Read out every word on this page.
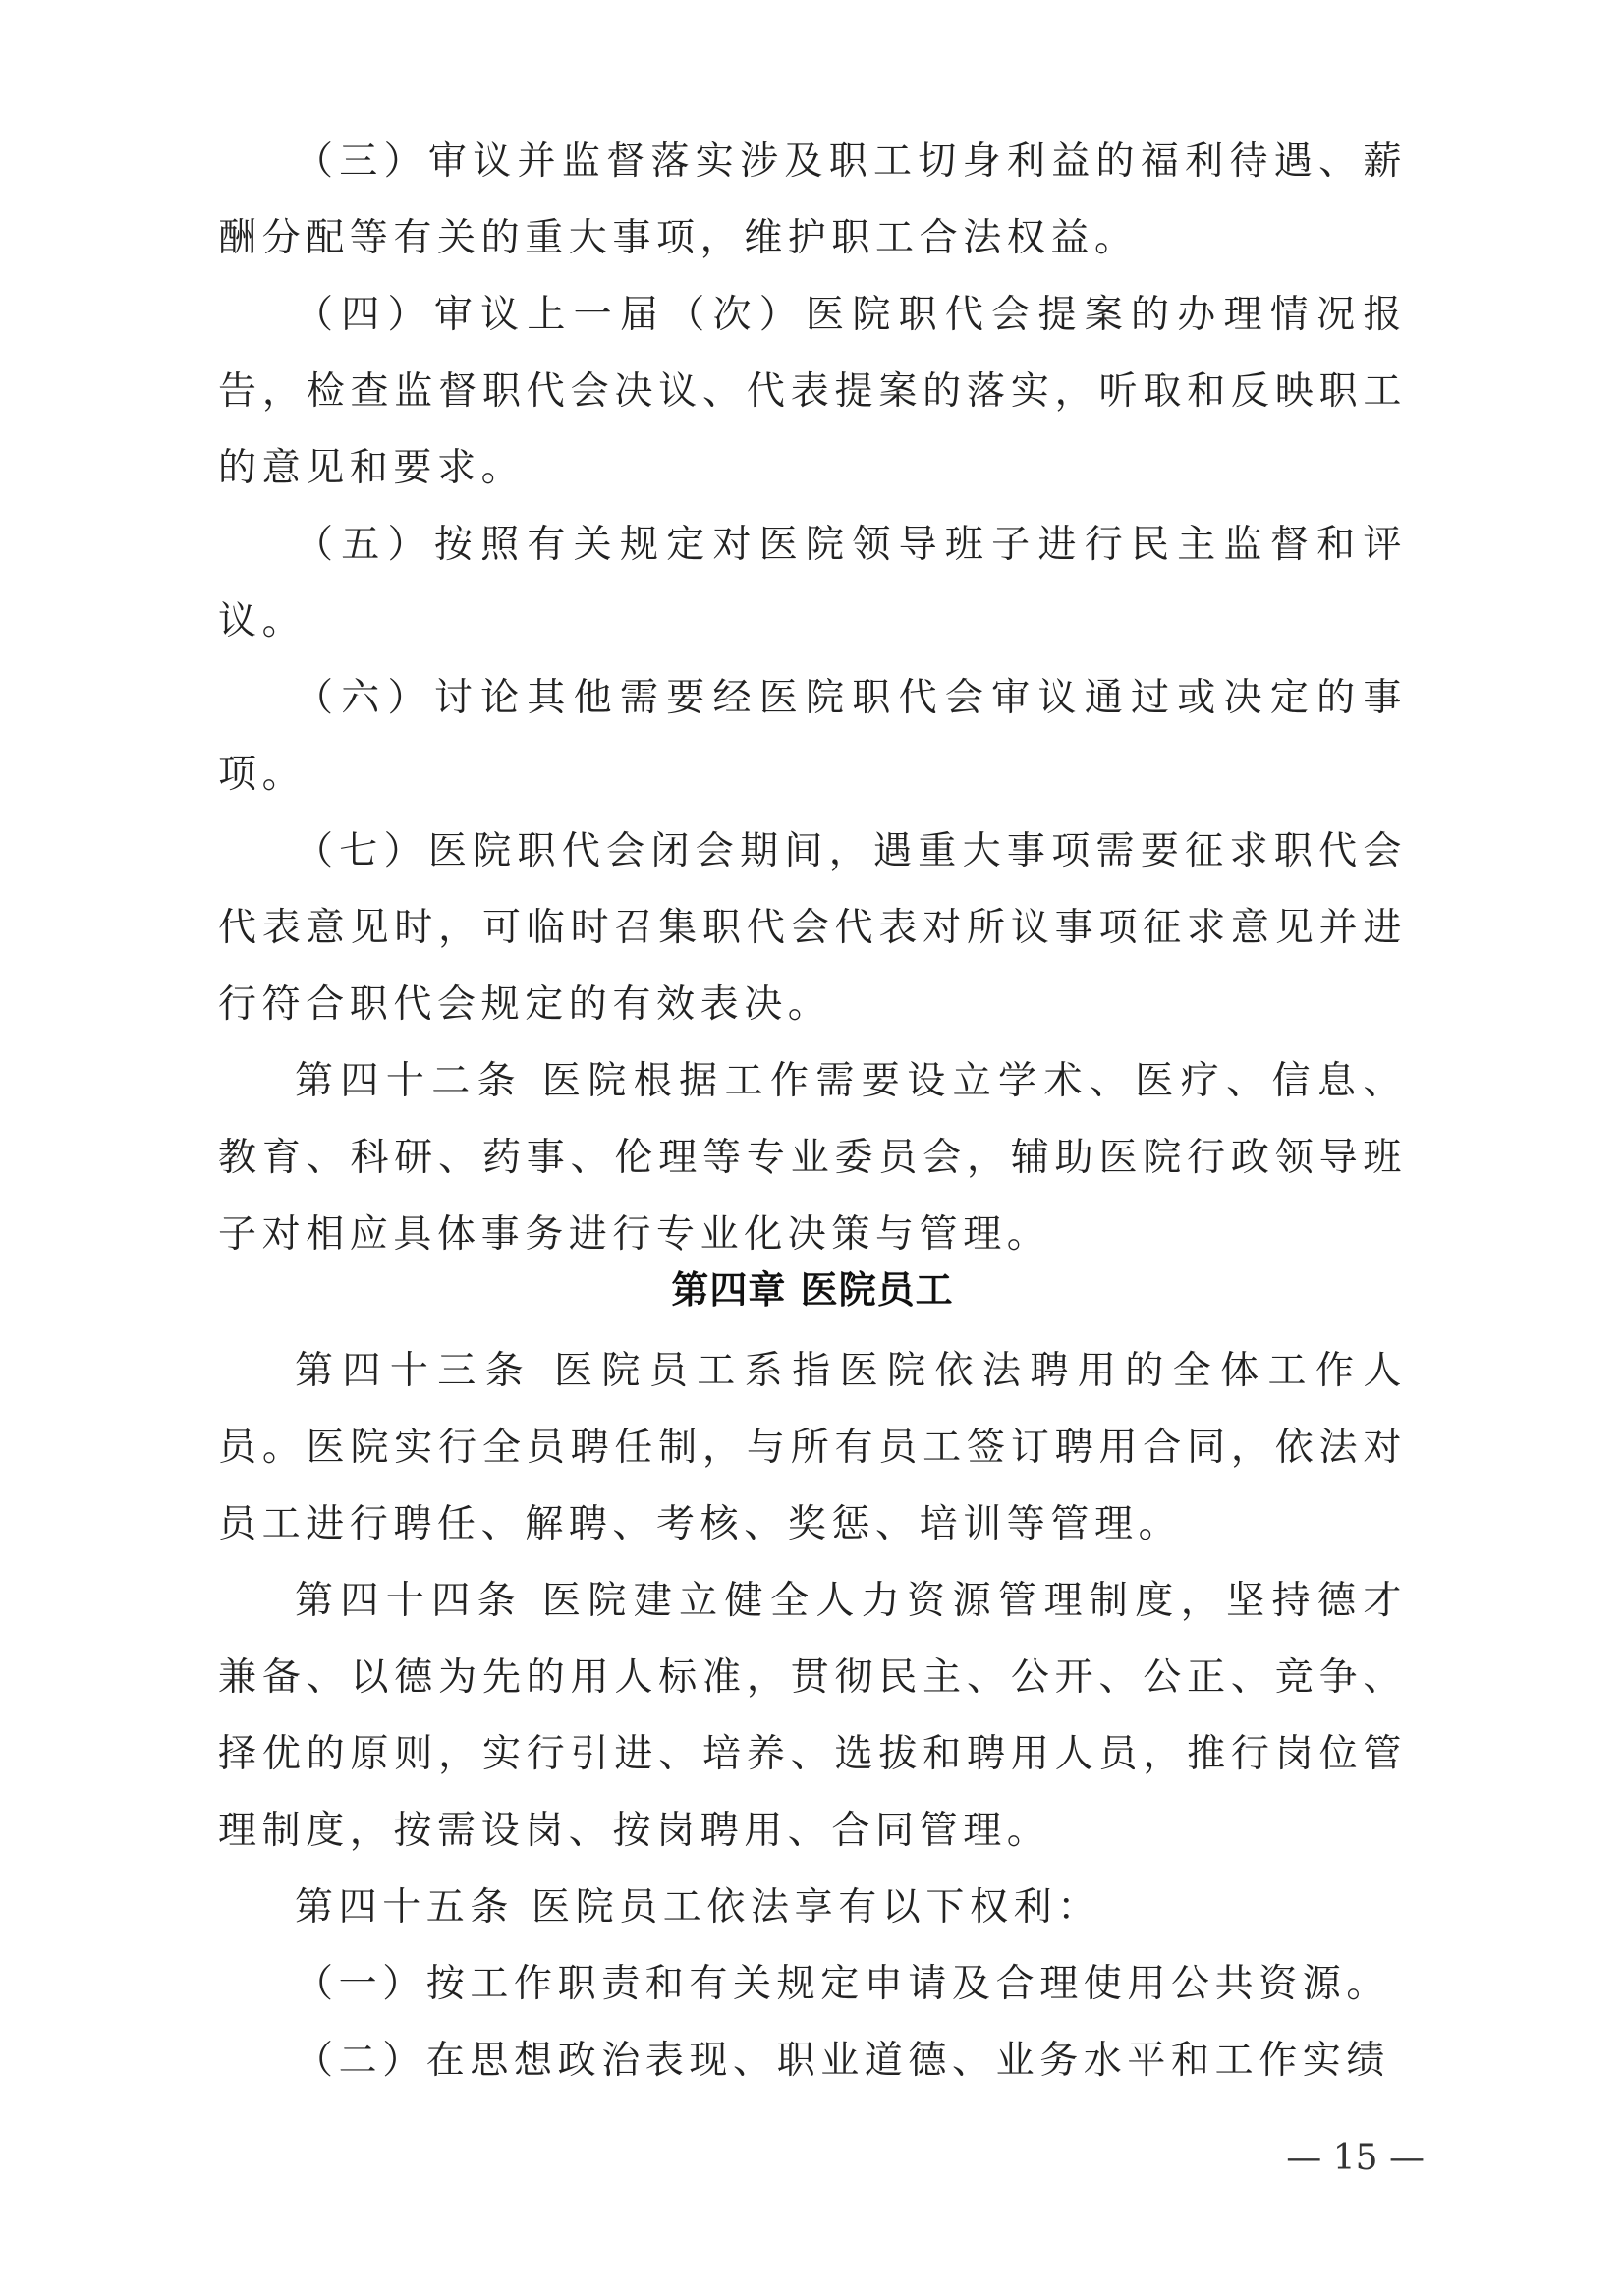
（三）审议并监督落实涉及职工切身利益的福利待遇、薪酬分配等有关的重大事项，维护职工合法权益。

（四）审议上一届（次）医院职代会提案的办理情况报告，检查监督职代会决议、代表提案的落实，听取和反映职工的意见和要求。

（五）按照有关规定对医院领导班子进行民主监督和评议。

（六）讨论其他需要经医院职代会审议通过或决定的事项。

（七）医院职代会闭会期间，遇重大事项需要征求职代会代表意见时，可临时召集职代会代表对所议事项征求意见并进行符合职代会规定的有效表决。

第四十二条 医院根据工作需要设立学术、医疗、信息、教育、科研、药事、伦理等专业委员会，辅助医院行政领导班子对相应具体事务进行专业化决策与管理。

第四章 医院员工

第四十三条 医院员工系指医院依法聘用的全体工作人员。医院实行全员聘任制，与所有员工签订聘用合同，依法对员工进行聘任、解聘、考核、奖惩、培训等管理。

第四十四条 医院建立健全人力资源管理制度，坚持德才兼备、以德为先的用人标准，贯彻民主、公开、公正、竞争、择优的原则，实行引进、培养、选拔和聘用人员，推行岗位管理制度，按需设岗、按岗聘用、合同管理。

第四十五条 医院员工依法享有以下权利：

（一）按工作职责和有关规定申请及合理使用公共资源。

（二）在思想政治表现、职业道德、业务水平和工作实绩

— 15 —
